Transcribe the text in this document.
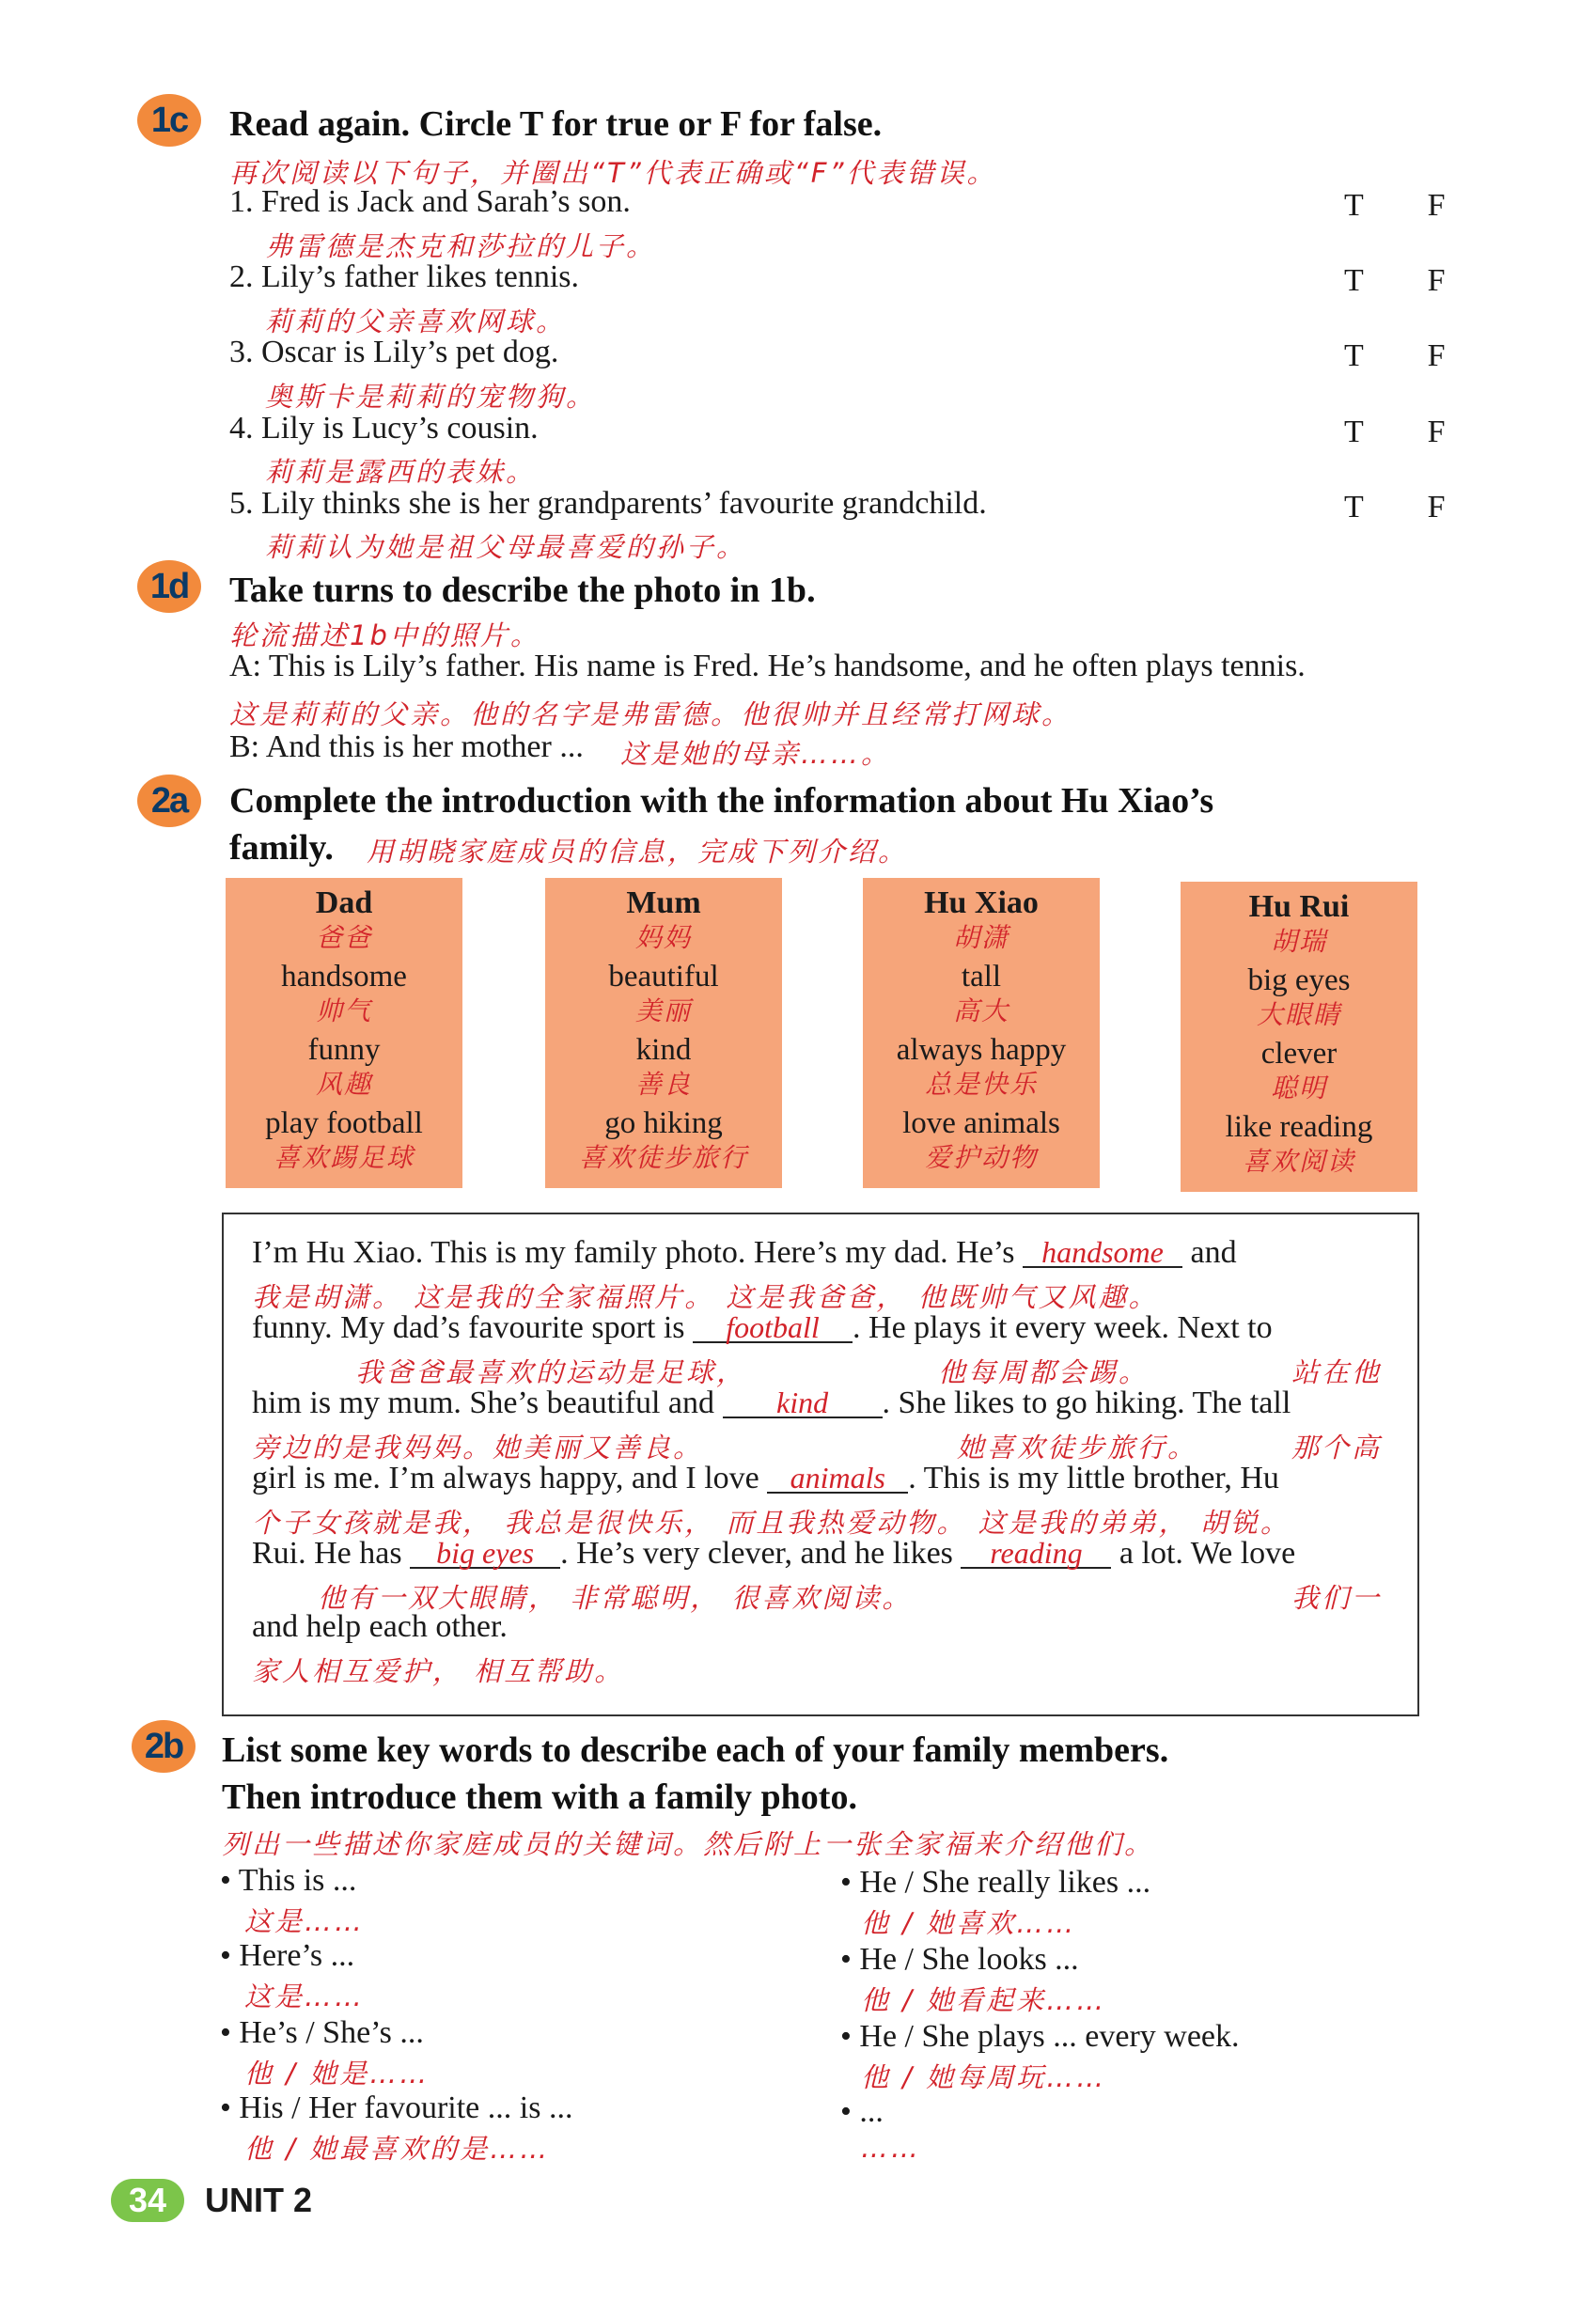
1c	Read again. Circle T for true or F for false.
再次阅读以下句子，并圈出“T”代表正确或“F”代表错误。
1. Fred is Jack and Sarah’s son.	T F
弗雷德是杰克和莎拉的儿子。
2. Lily’s father likes tennis.	T F
莉莉的父亲喜欢网球。
3. Oscar is Lily’s pet dog.	T F
奥斯卡是莉莉的宠物狗。
4. Lily is Lucy’s cousin.	T F
莉莉是露西的表妹。
5. Lily thinks she is her grandparents’ favourite grandchild.	T F
莉莉认为她是祖父母最喜爱的孙子。
1d	Take turns to describe the photo in 1b.
轮流描述1b中的照片。
A: This is Lily’s father. His name is Fred. He’s handsome, and he often plays tennis.
这是莉莉的父亲。他的名字是弗雷德。他很帅并且经常打网球。
B: And this is her mother ... 这是她的母亲……。
2a	Complete the introduction with the information about Hu Xiao’s
family. 用胡晓家庭成员的信息，完成下列介绍。
Dad
爸爸
handsome
帅气
funny
风趣
play football
喜欢踢足球
Mum
妈妈
beautiful
美丽
kind
善良
go hiking
喜欢徒步旅行
Hu Xiao
胡潇
tall
高大
always happy
总是快乐
love animals
爱护动物
Hu Rui
胡瑞
big eyes
大眼睛
clever
聪明
like reading
喜欢阅读
I’m Hu Xiao. This is my family photo. Here’s my dad. He’s handsome and
我是胡潇。 这是我的全家福照片。 这是我爸爸， 他既帅气又风趣。
funny. My dad’s favourite sport is football . He plays it every week. Next to
我爸爸最喜欢的运动是足球，	他每周都会踢。	站在他
him is my mum. She’s beautiful and kind . She likes to go hiking. The tall
旁边的是我妈妈。她美丽又善良。	她喜欢徒步旅行。	那个高
girl is me. I’m always happy, and I love animals . This is my little brother, Hu
个子女孩就是我， 我总是很快乐， 而且我热爱动物。 这是我的弟弟， 胡锐。
Rui. He has big eyes . He’s very clever, and he likes reading a lot. We love
他有一双大眼睛， 非常聪明， 很喜欢阅读。	我们一
and help each other.
家人相互爱护， 相互帮助。
2b	List some key words to describe each of your family members.
Then introduce them with a family photo.
列出一些描述你家庭成员的关键词。然后附上一张全家福来介绍他们。
• This is ...
这是……
• Here’s ...
这是……
• He’s / She’s ...
他 / 她是……
• His / Her favourite ... is ...
他 / 她最喜欢的是……
• He / She really likes ...
他 / 她喜欢……
• He / She looks ...
他 / 她看起来……
• He / She plays ... every week.
他 / 她每周玩……
• ...
……
34	UNIT 2
